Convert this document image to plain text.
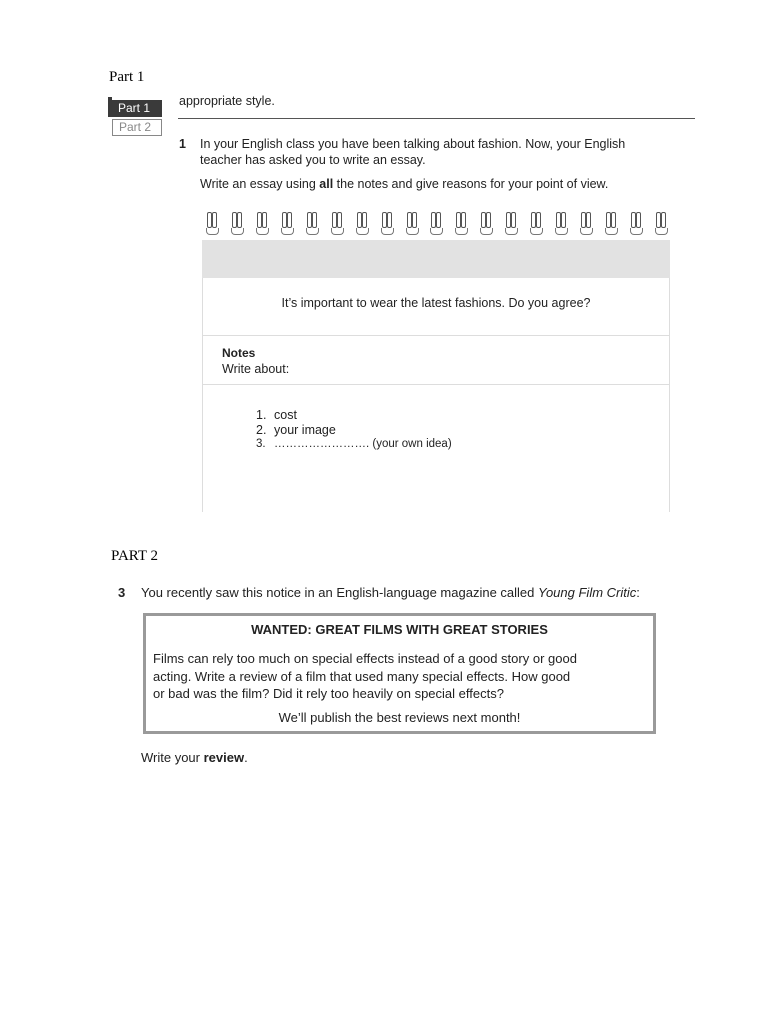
Part 1
Part 1
Part 2
appropriate style.
1 In your English class you have been talking about fashion. Now, your English
teacher has asked you to write an essay.
Write an essay using all the notes and give reasons for your point of view.
It’s important to wear the latest fashions. Do you agree?
Notes
Write about:
1. cost
2. your image
3. ……………………. (your own idea)
PART 2
3 You recently saw this notice in an English-language magazine called Young Film Critic:
WANTED: GREAT FILMS WITH GREAT STORIES
Films can rely too much on special effects instead of a good story or good
acting. Write a review of a film that used many special effects. How good
or bad was the film? Did it rely too heavily on special effects?
We’ll publish the best reviews next month!
Write your review.
